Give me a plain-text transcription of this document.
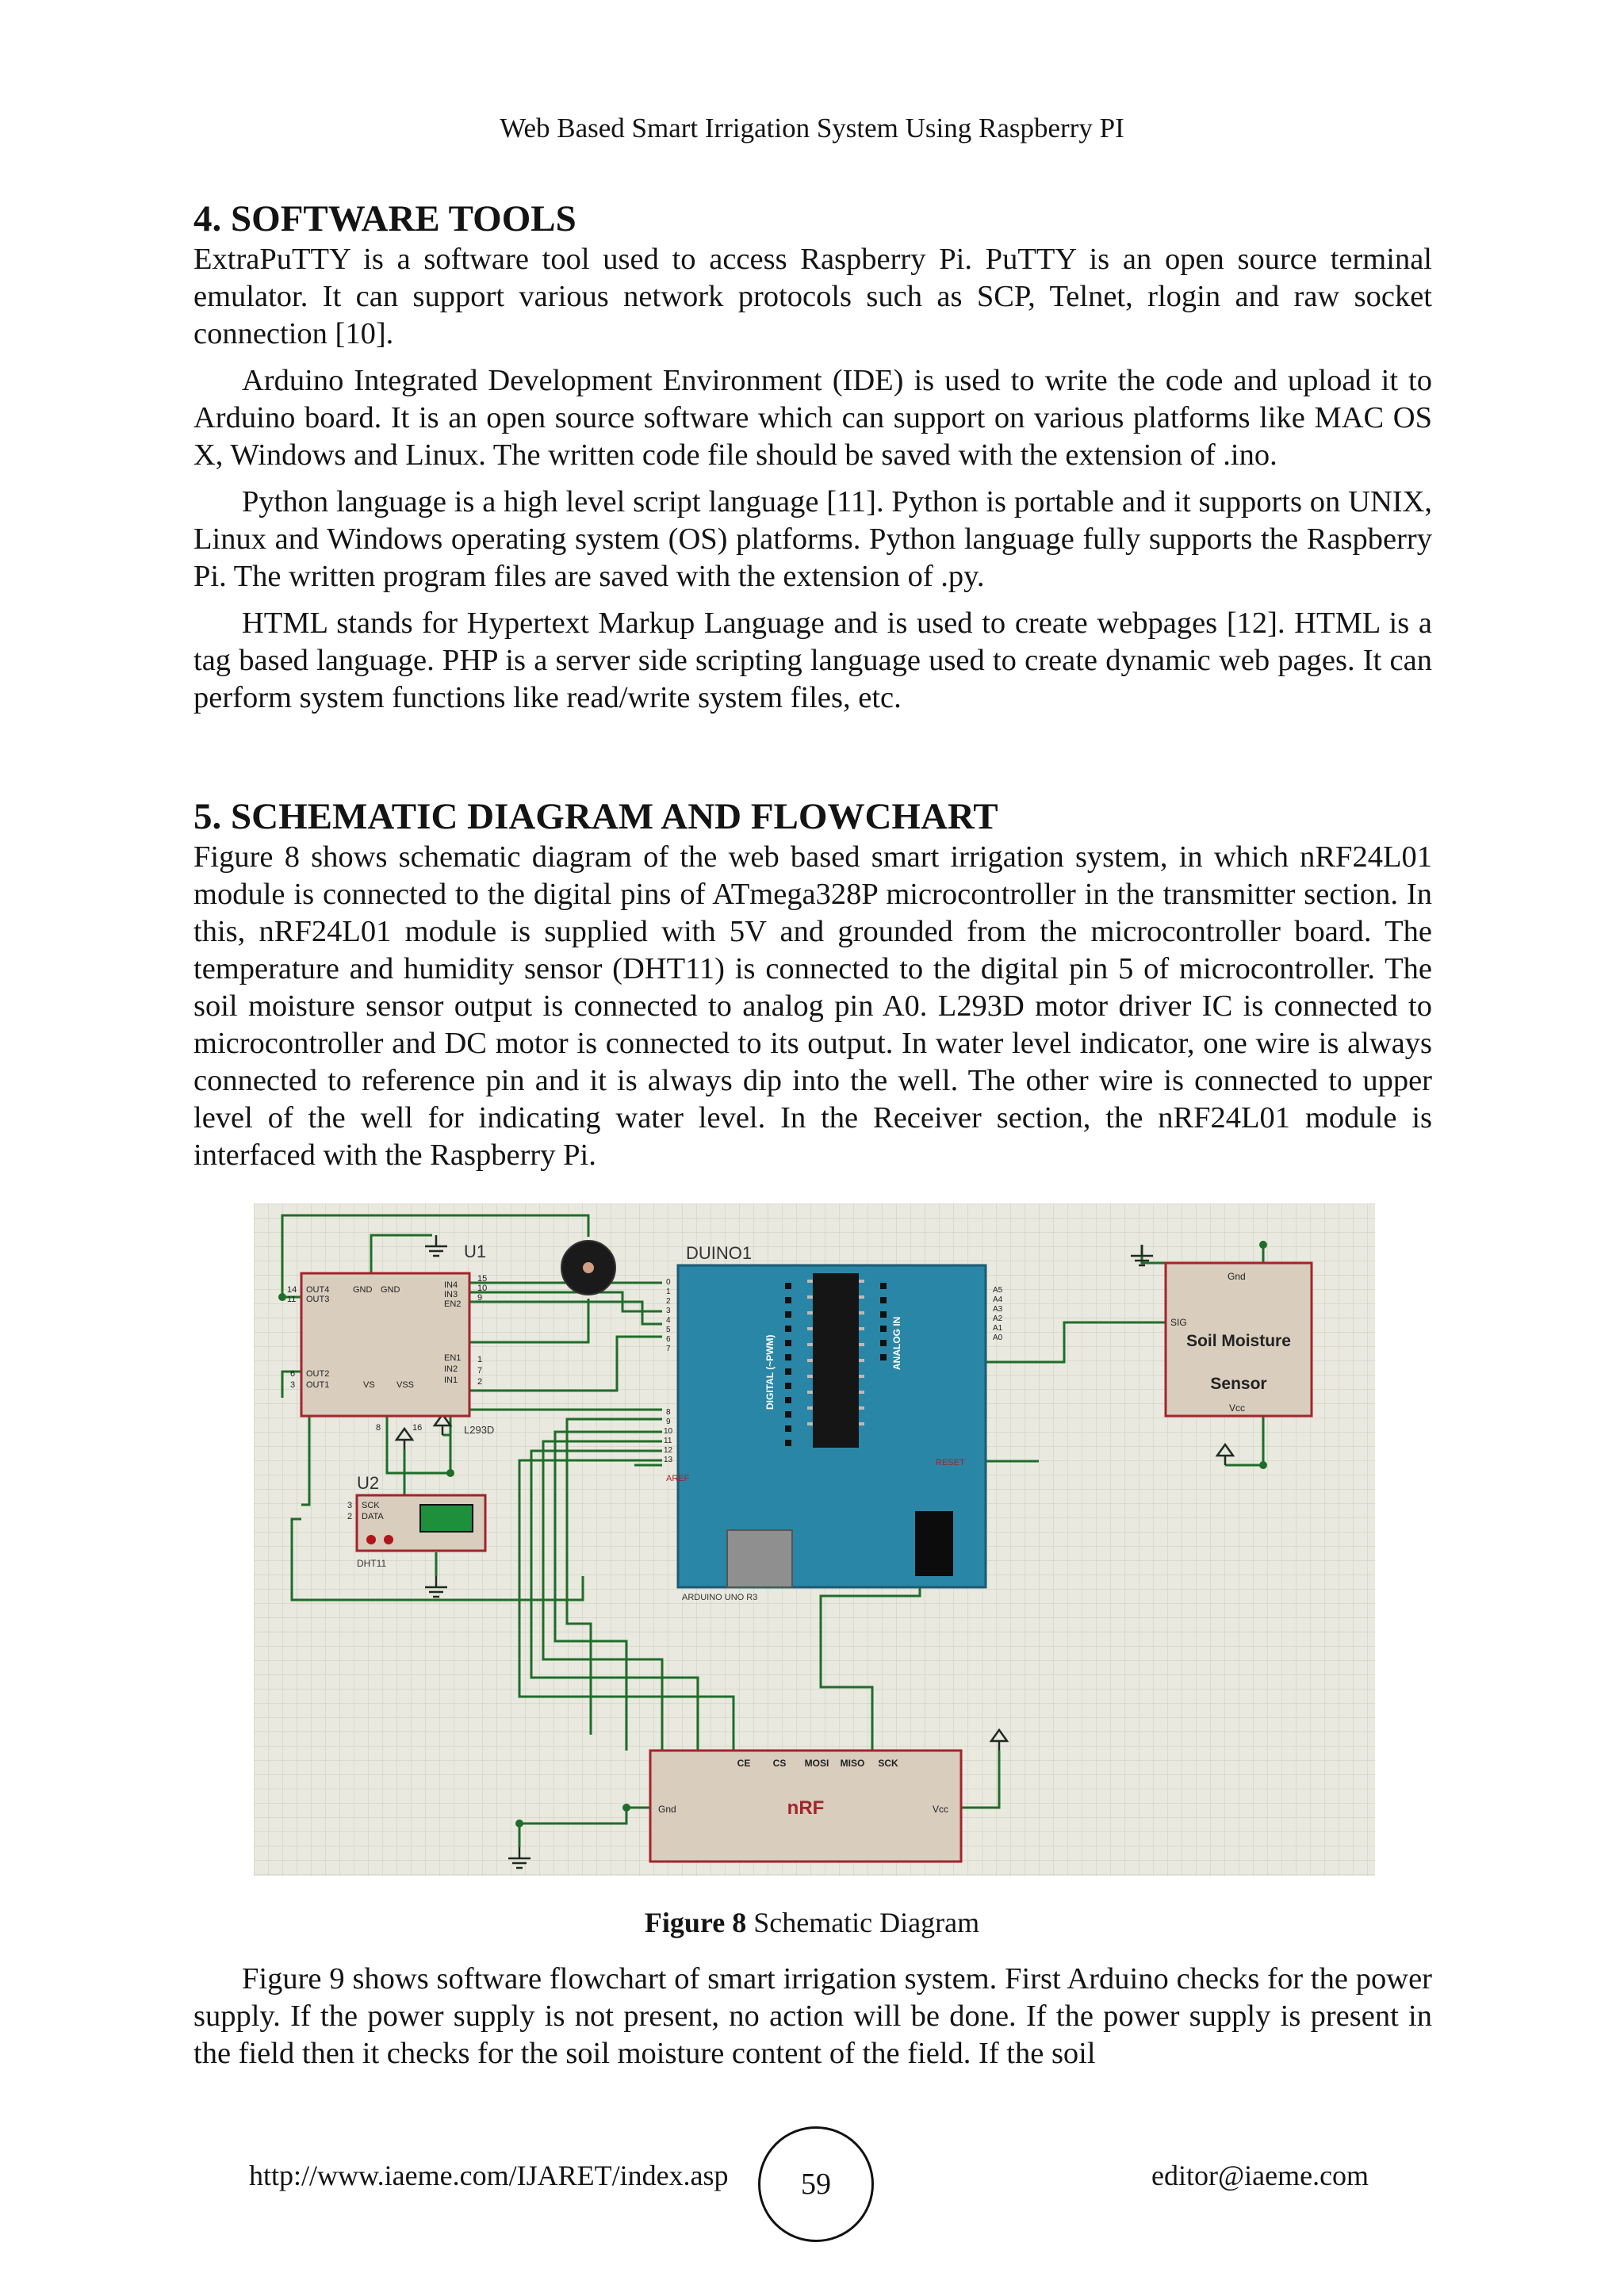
Web Based Smart Irrigation System Using Raspberry PI
4. SOFTWARE TOOLS

ExtraPuTTY is a software tool used to access Raspberry Pi. PuTTY is an open source terminal emulator. It can support various network protocols such as SCP, Telnet, rlogin and raw socket connection [10].

Arduino Integrated Development Environment (IDE) is used to write the code and upload it to Arduino board. It is an open source software which can support on various platforms like MAC OS X, Windows and Linux. The written code file should be saved with the extension of .ino.

Python language is a high level script language [11]. Python is portable and it supports on UNIX, Linux and Windows operating system (OS) platforms. Python language fully supports the Raspberry Pi. The written program files are saved with the extension of .py.

HTML stands for Hypertext Markup Language and is used to create webpages [12]. HTML is a tag based language. PHP is a server side scripting language used to create dynamic web pages. It can perform system functions like read/write system files, etc.

5. SCHEMATIC DIAGRAM AND FLOWCHART

Figure 8 shows schematic diagram of the web based smart irrigation system, in which nRF24L01 module is connected to the digital pins of ATmega328P microcontroller in the transmitter section. In this, nRF24L01 module is supplied with 5V and grounded from the microcontroller board. The temperature and humidity sensor (DHT11) is connected to the digital pin 5 of microcontroller. The soil moisture sensor output is connected to analog pin A0. L293D motor driver IC is connected to microcontroller and DC motor is connected to its output. In water level indicator, one wire is always connected to reference pin and it is always dip into the well. The other wire is connected to upper level of the well for indicating water level. In the Receiver section, the nRF24L01 module is interfaced with the Raspberry Pi.

U1
L293D
OUT4
OUT3
OUT2
OUT1
GND GND
VS VSS
IN4
IN3
EN2
EN1
IN2
IN1
14
11
6
3
15
10
9
1
7
2
8	16
DUINO1
DIGITAL (~PWM)	ANALOG IN
RESET
AREF
ARDUINO UNO R3
0
1
2
3
4
5
6
7
8
9
10
11
12
13
A5
A4
A3
A2
A1
A0
U2
SCK
DATA
3
2
DHT11
Gnd
SIG
Soil Moisture
Sensor
Vcc
nRF
Gnd	Vcc
CE CS MOSI MISO SCK
Figure 8 Schematic Diagram

Figure 9 shows software flowchart of smart irrigation system. First Arduino checks for the power supply. If the power supply is not present, no action will be done. If the power supply is present in the field then it checks for the soil moisture content of the field. If the soil

http://www.iaeme.com/IJARET/index.asp 59	editor@iaeme.com
